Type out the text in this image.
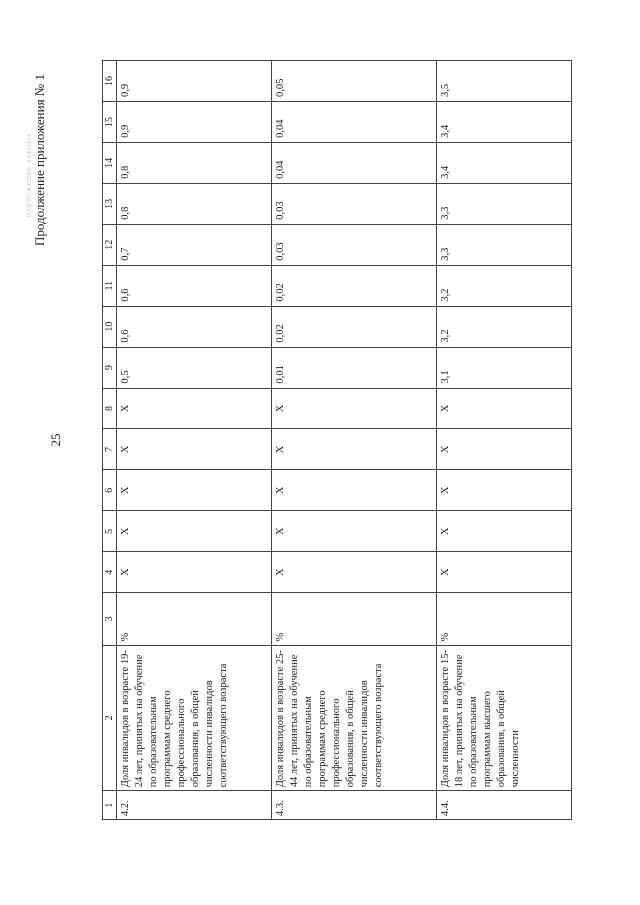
25
Продолжение приложения № 1
ПРИЛОЖЕНИЕ ЗАКОНА
1	2	3	4	5	6	7	8	9	10	11	12	13	14	15	16
4.2.	Доля инвалидов в возрасте 19-24 лет, принятых на обучение по образовательным программам среднего профессионального образования, в общей численности инвалидов соответствующего возраста	%	X	X	X	X	X	0,5	0,6	0,6	0,7	0,8	0,8	0,9	0,9
4.3.	Доля инвалидов в возрасте 25-44 лет, принятых на обучение по образовательным программам среднего профессионального образования, в общей численности инвалидов соответствующего возраста	%	X	X	X	X	X	0,01	0,02	0,02	0,03	0,03	0,04	0,04	0,05
4.4.	Доля инвалидов в возрасте 15-18 лет, принятых на обучение по образовательным программам высшего образования, в общей численности	%	X	X	X	X	X	3,1	3,2	3,2	3,3	3,3	3,4	3,4	3,5
